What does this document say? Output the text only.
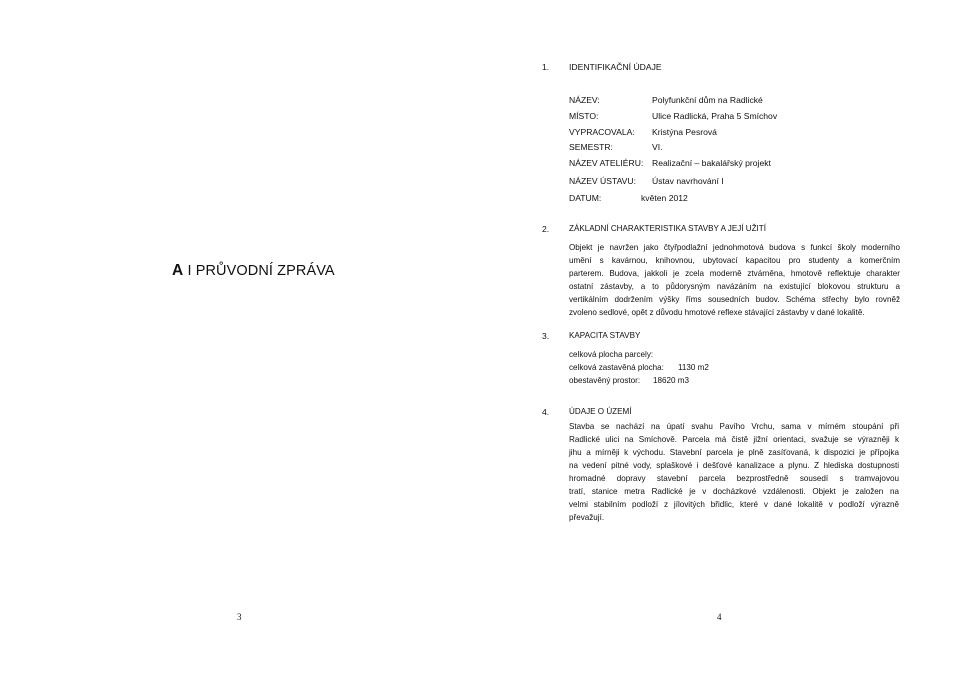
A I PRŮVODNÍ ZPRÁVA
3
1. IDENTIFIKAČNÍ ÚDAJE
NÁZEV:	Polyfunkční dům na Radlické
MÍSTO:	Ulice Radlická, Praha 5 Smíchov
VYPRACOVALA: Kristýna Pesrová
SEMESTR:	VI.
NÁZEV ATELIÉRU: Realizační – bakalářský projekt
NÁZEV ÚSTAVU: Ústav navrhování I
DATUM:	květen 2012
2. ZÁKLADNÍ CHARAKTERISTIKA STAVBY A JEJÍ UŽITÍ
Objekt je navržen jako čtyřpodlažní jednohmotová budova s funkcí školy moderního
umění s kavárnou, knihovnou, ubytovací kapacitou pro studenty a komerčním
parterem. Budova, jakkoli je zcela moderně ztvárněna, hmotově reflektuje charakter
ostatní zástavby, a to půdorysným navázáním na existující blokovou strukturu a
vertikálním dodržením výšky říms sousedních budov. Schéma střechy bylo rovněž
zvoleno sedlové, opět z důvodu hmotové reflexe stávající zástavby v dané lokalitě.
3. KAPACITA STAVBY
celková plocha parcely:
celková zastavěná plocha: 1130 m2
obestavěný prostor: 18620 m3
4. ÚDAJE O ÚZEMÍ
Stavba se nachází na úpatí svahu Pavího Vrchu, sama v mírném stoupání při
Radlické ulici na Smíchově. Parcela má čistě jižní orientaci, svažuje se výrazněji k
jihu a mírněji k východu. Stavební parcela je plně zasíťovaná, k dispozici je přípojka
na vedení pitné vody, splaškové i dešťové kanalizace a plynu. Z hlediska dostupnosti
hromadné dopravy stavební parcela bezprostředně sousedí s tramvajovou
tratí, stanice metra Radlické je v docházkové vzdálenosti. Objekt je založen na
velmi stabilním podloží z jílovitých břidlic, které v dané lokalitě v podloží výrazně
převažují.
4
